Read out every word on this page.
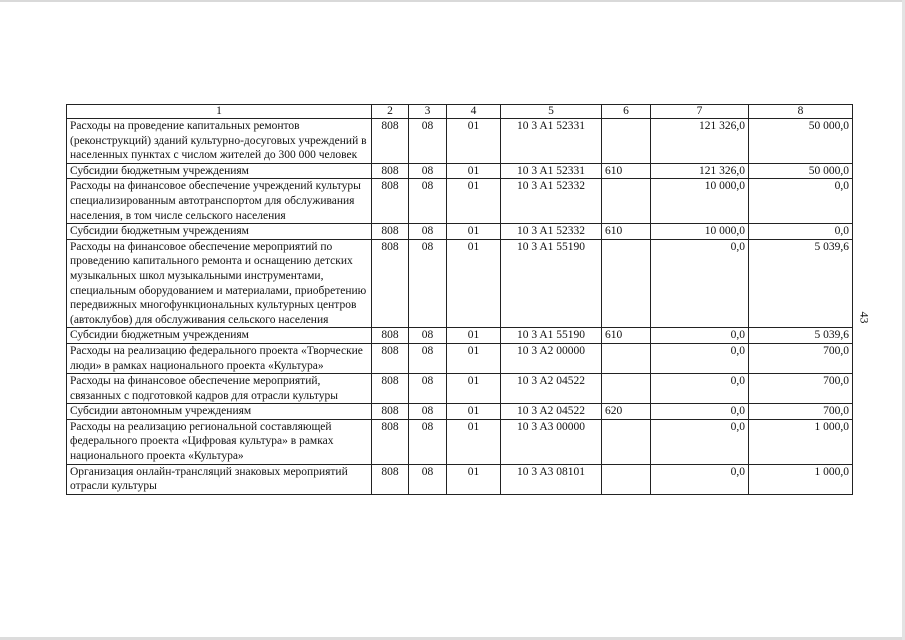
43
1	2	3	4	5	6	7	8
Расходы на проведение капитальных ремонтов (реконструкций) зданий культурно-досуговых учреждений в населенных пунктах с числом жителей до 300 000 человек	808	08	01	10 3 A1 52331		121 326,0	50 000,0
Субсидии бюджетным учреждениям	808	08	01	10 3 A1 52331	610	121 326,0	50 000,0
Расходы на финансовое обеспечение учреждений культуры специализированным автотранспортом для обслуживания населения, в том числе сельского населения	808	08	01	10 3 A1 52332		10 000,0	0,0
Субсидии бюджетным учреждениям	808	08	01	10 3 A1 52332	610	10 000,0	0,0
Расходы на финансовое обеспечение мероприятий по проведению капитального ремонта и оснащению детских музыкальных школ музыкальными инструментами, специальным оборудованием и материалами, приобретению передвижных многофункциональных культурных центров (автоклубов) для обслуживания сельского населения	808	08	01	10 3 A1 55190		0,0	5 039,6
Субсидии бюджетным учреждениям	808	08	01	10 3 A1 55190	610	0,0	5 039,6
Расходы на реализацию федерального проекта «Творческие люди» в рамках национального проекта «Культура»	808	08	01	10 3 A2 00000		0,0	700,0
Расходы на финансовое обеспечение мероприятий, связанных с подготовкой кадров для отрасли культуры	808	08	01	10 3 A2 04522		0,0	700,0
Субсидии автономным учреждениям	808	08	01	10 3 A2 04522	620	0,0	700,0
Расходы на реализацию региональной составляющей федерального проекта «Цифровая культура» в рамках национального проекта «Культура»	808	08	01	10 3 A3 00000		0,0	1 000,0
Организация онлайн-трансляций знаковых мероприятий отрасли культуры	808	08	01	10 3 A3 08101		0,0	1 000,0
